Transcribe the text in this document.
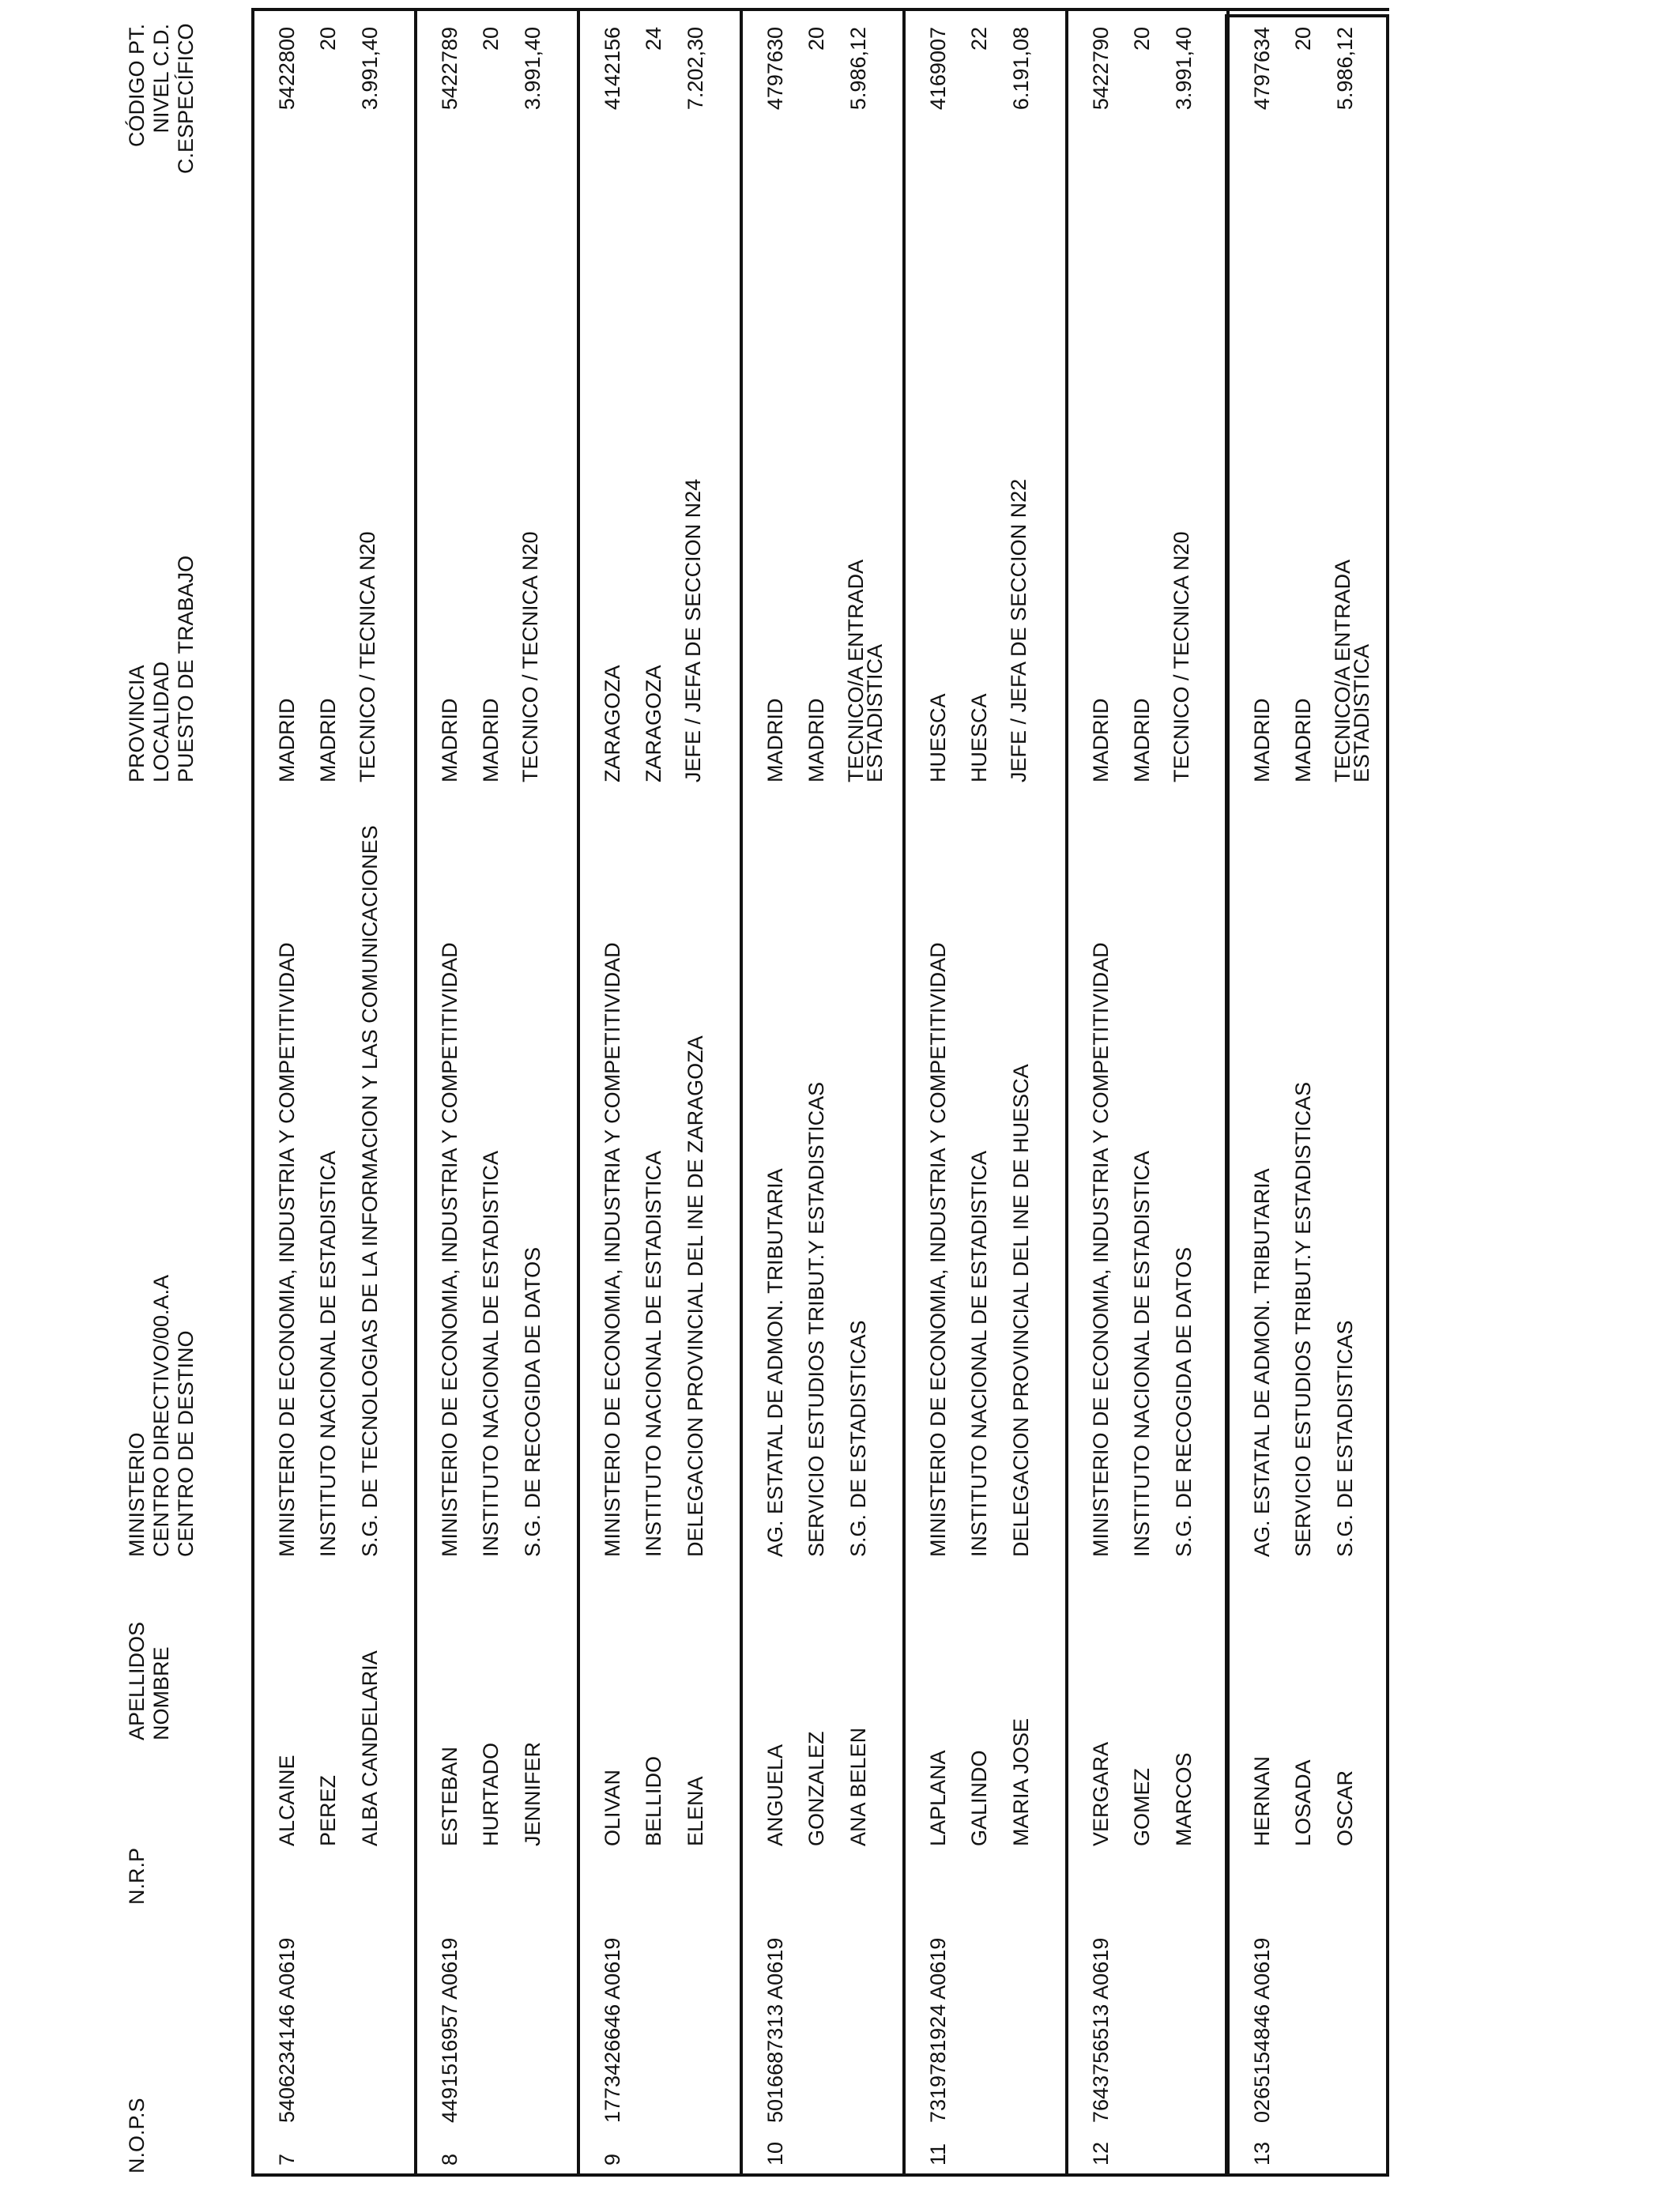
N.O.P.S
N.R.P
APELLIDOS NOMBRE
MINISTERIO CENTRO DIRECTIVO/00.A.A CENTRO DE DESTINO
PROVINCIA LOCALIDAD PUESTO DE TRABAJO
CÓDIGO PT. NIVEL C.D. C.ESPECÍFICO
7
5406234146 A0619
ALCAINE PEREZ ALBA CANDELARIA
MINISTERIO DE ECONOMIA, INDUSTRIA Y COMPETITIVIDAD INSTITUTO NACIONAL DE ESTADISTICA S.G. DE TECNOLOGIAS DE LA INFORMACION Y LAS COMUNICACIONES
MADRID MADRID TECNICO / TECNICA N20
5422800 20 3.991,40
8
4491516957 A0619
ESTEBAN HURTADO JENNIFER
MINISTERIO DE ECONOMIA, INDUSTRIA Y COMPETITIVIDAD INSTITUTO NACIONAL DE ESTADISTICA S.G. DE RECOGIDA DE DATOS
MADRID MADRID TECNICO / TECNICA N20
5422789 20 3.991,40
9
1773426646 A0619
OLIVAN BELLIDO ELENA
MINISTERIO DE ECONOMIA, INDUSTRIA Y COMPETITIVIDAD INSTITUTO NACIONAL DE ESTADISTICA DELEGACION PROVINCIAL DEL INE DE ZARAGOZA
ZARAGOZA ZARAGOZA JEFE / JEFA DE SECCION N24
4142156 24 7.202,30
10
5016687313 A0619
ANGUELA GONZALEZ ANA BELEN
AG. ESTATAL DE ADMON. TRIBUTARIA SERVICIO ESTUDIOS TRIBUT.Y ESTADISTICAS S.G. DE ESTADISTICAS
MADRID MADRID TECNICO/A ENTRADA
ESTADISTICA
4797630 20 5.986,12
11
7319781924 A0619
LAPLANA GALINDO MARIA JOSE
MINISTERIO DE ECONOMIA, INDUSTRIA Y COMPETITIVIDAD INSTITUTO NACIONAL DE ESTADISTICA DELEGACION PROVINCIAL DEL INE DE HUESCA
HUESCA HUESCA JEFE / JEFA DE SECCION N22
4169007 22 6.191,08
12
7643756513 A0619
VERGARA GOMEZ MARCOS
MINISTERIO DE ECONOMIA, INDUSTRIA Y COMPETITIVIDAD INSTITUTO NACIONAL DE ESTADISTICA S.G. DE RECOGIDA DE DATOS
MADRID MADRID TECNICO / TECNICA N20
5422790 20 3.991,40
13
0265154846 A0619
HERNAN LOSADA OSCAR
AG. ESTATAL DE ADMON. TRIBUTARIA SERVICIO ESTUDIOS TRIBUT.Y ESTADISTICAS S.G. DE ESTADISTICAS
MADRID MADRID TECNICO/A ENTRADA
ESTADISTICA
4797634 20 5.986,12
